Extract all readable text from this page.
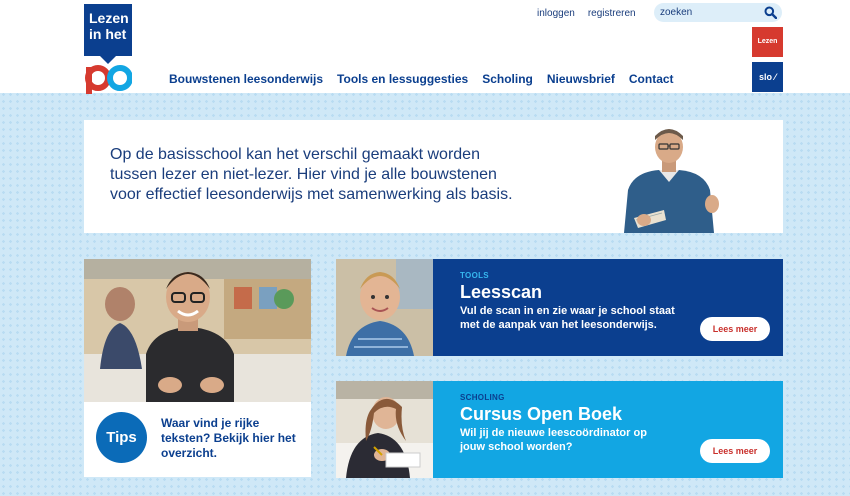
Lezen
in het
inloggen registreren
zoeken
Lezen
slo ⁄
Bouwstenen leesonderwijs Tools en lessuggesties Scholing Nieuwsbrief Contact
Op de basisschool kan het verschil gemaakt worden
tussen lezer en niet-lezer. Hier vind je alle bouwstenen
voor effectief leesonderwijs met samenwerking als basis.
Tips
Waar vind je rijke teksten? Bekijk hier het overzicht.
TOOLS
Leesscan
Vul de scan in en zie waar je school staat met de aanpak van het leesonderwijs.	Lees meer
SCHOLING
Cursus Open Boek
Wil jij de nieuwe leescoördinator op jouw school worden?	Lees meer
